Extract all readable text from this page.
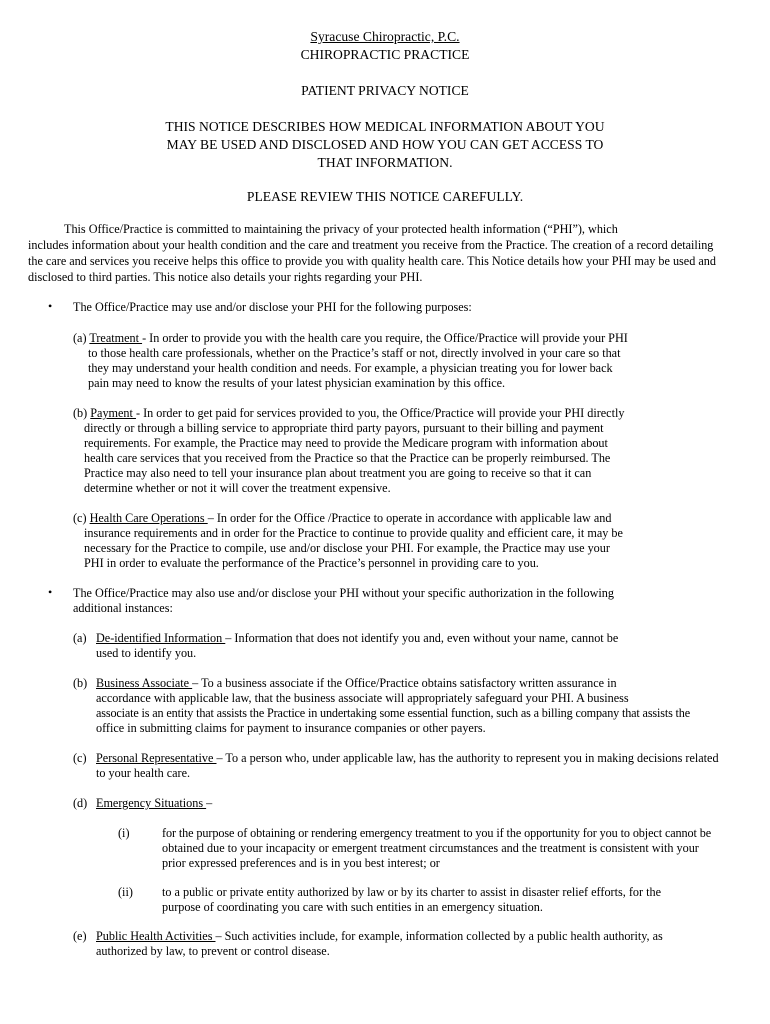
Syracuse Chiropractic, P.C.
CHIROPRACTIC PRACTICE
PATIENT PRIVACY NOTICE
THIS NOTICE DESCRIBES HOW MEDICAL INFORMATION ABOUT YOU
MAY BE USED AND DISCLOSED AND HOW YOU CAN GET ACCESS TO
THAT INFORMATION.
PLEASE REVIEW THIS NOTICE CAREFULLY.
This Office/Practice is committed to maintaining the privacy of your protected health information (“PHI”), which
includes information about your health condition and the care and treatment you receive from the Practice. The creation of a record detailing
the care and services you receive helps this office to provide you with quality health care. This Notice details how your PHI may be used and
disclosed to third parties. This notice also details your rights regarding your PHI.
• The Office/Practice may use and/or disclose your PHI for the following purposes:
(a) Treatment - In order to provide you with the health care you require, the Office/Practice will provide your PHI
to those health care professionals, whether on the Practice’s staff or not, directly involved in your care so that
they may understand your health condition and needs. For example, a physician treating you for lower back
pain may need to know the results of your latest physician examination by this office.
(b) Payment - In order to get paid for services provided to you, the Office/Practice will provide your PHI directly
directly or through a billing service to appropriate third party payors, pursuant to their billing and payment
requirements. For example, the Practice may need to provide the Medicare program with information about
health care services that you received from the Practice so that the Practice can be properly reimbursed. The
Practice may also need to tell your insurance plan about treatment you are going to receive so that it can
determine whether or not it will cover the treatment expensive.
(c) Health Care Operations – In order for the Office /Practice to operate in accordance with applicable law and
insurance requirements and in order for the Practice to continue to provide quality and efficient care, it may be
necessary for the Practice to compile, use and/or disclose your PHI. For example, the Practice may use your
PHI in order to evaluate the performance of the Practice’s personnel in providing care to you.
• The Office/Practice may also use and/or disclose your PHI without your specific authorization in the following
additional instances:
(a) De-identified Information – Information that does not identify you and, even without your name, cannot be
used to identify you.
(b) Business Associate – To a business associate if the Office/Practice obtains satisfactory written assurance in
accordance with applicable law, that the business associate will appropriately safeguard your PHI. A business
associate is an entity that assists the Practice in undertaking some essential function, such as a billing company that assists the
office in submitting claims for payment to insurance companies or other payers.
(c) Personal Representative – To a person who, under applicable law, has the authority to represent you in making decisions related
to your health care.
(d) Emergency Situations –
(i)	for the purpose of obtaining or rendering emergency treatment to you if the opportunity for you to object cannot be
obtained due to your incapacity or emergent treatment circumstances and the treatment is consistent with your
prior expressed preferences and is in you best interest; or
(ii) to a public or private entity authorized by law or by its charter to assist in disaster relief efforts, for the
purpose of coordinating you care with such entities in an emergency situation.
(e) Public Health Activities – Such activities include, for example, information collected by a public health authority, as
authorized by law, to prevent or control disease.
